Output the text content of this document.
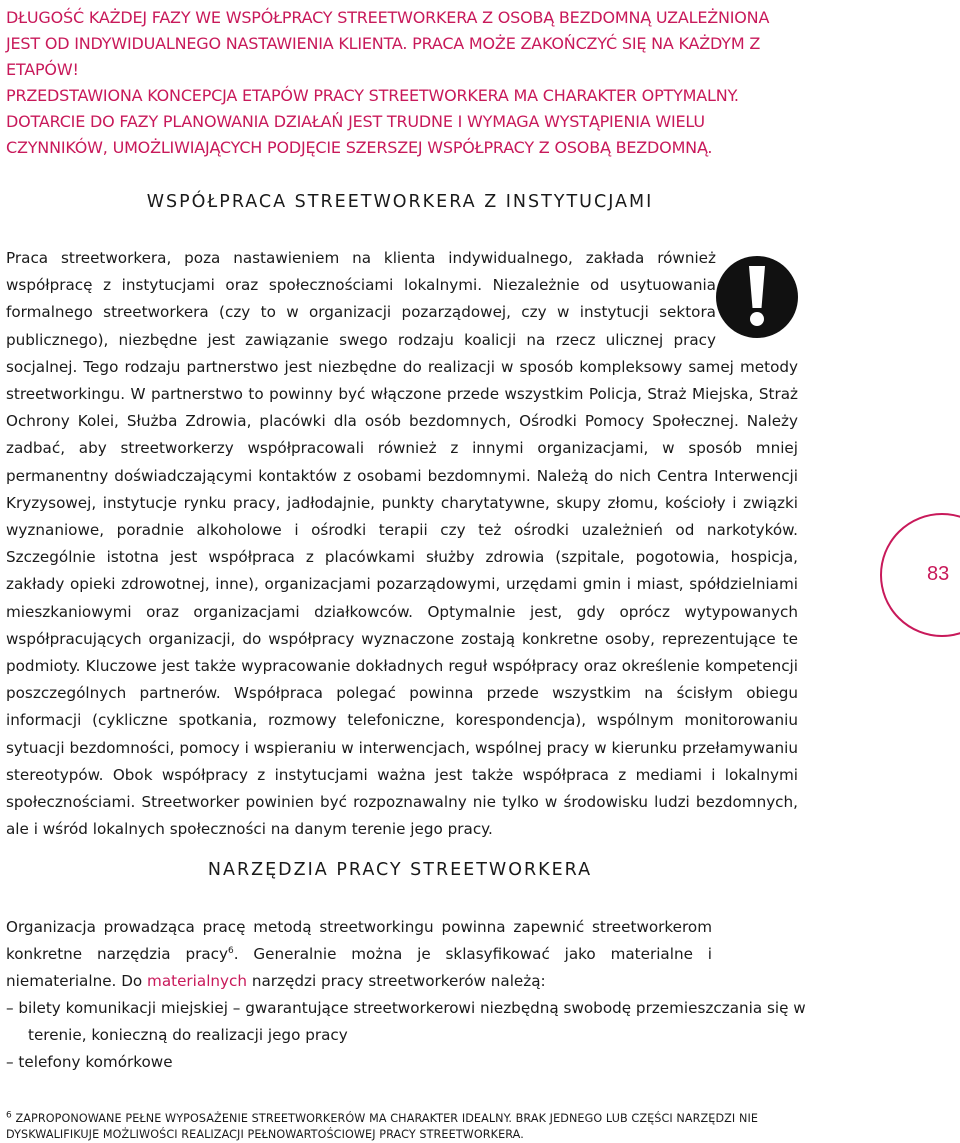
DŁUGOŚĆ KAŻDEJ FAZY WE WSPÓŁPRACY STREETWORKERA Z OSOBĄ BEZDOMNĄ UZALEŻNIONA JEST OD INDYWIDUALNEGO NASTAWIENIA KLIENTA. PRACA MOŻE ZAKOŃCZYĆ SIĘ NA KAŻDYM Z ETAPÓW!

PRZEDSTAWIONA KONCEPCJA ETAPÓW PRACY STREETWORKERA MA CHARAKTER OPTYMALNY. DOTARCIE DO FAZY PLANOWANIA DZIAŁAŃ JEST TRUDNE I WYMAGA WYSTĄPIENIA WIELU CZYNNIKÓW, UMOŻLIWIAJĄCYCH PODJĘCIE SZERSZEJ WSPÓŁPRACY Z OSOBĄ BEZDOMNĄ.

WSPÓŁPRACA STREETWORKERA Z INSTYTUCJAMI

Praca streetworkera, poza nastawieniem na klienta indywidualnego, zakłada również współpracę z instytucjami oraz społecznościami lokalnymi. Niezależnie od usytuowania formalnego streetworkera (czy to w organizacji pozarządowej, czy w instytucji sektora publicznego), niezbędne jest zawiązanie swego rodzaju koalicji na rzecz ulicznej pracy socjalnej. Tego rodzaju partnerstwo jest niezbędne do realizacji w sposób kompleksowy samej metody streetworkingu. W partnerstwo to powinny być włączone przede wszystkim Policja, Straż Miejska, Straż Ochrony Kolei, Służba Zdrowia, placówki dla osób bezdomnych, Ośrodki Pomocy Społecznej. Należy zadbać, aby streetworkerzy współpracowali również z innymi organizacjami, w sposób mniej permanentny doświadczającymi kontaktów z osobami bezdomnymi. Należą do nich Centra Interwencji Kryzysowej, instytucje rynku pracy, jadłodajnie, punkty charytatywne, skupy złomu, kościoły i związki wyznaniowe, poradnie alkoholowe i ośrodki terapii czy też ośrodki uzależnień od narkotyków. Szczególnie istotna jest współpraca z placówkami służby zdrowia (szpitale, pogotowia, hospicja, zakłady opieki zdrowotnej, inne), organizacjami pozarządowymi, urzędami gmin i miast, spółdzielniami mieszkaniowymi oraz organizacjami działkowców. Optymalnie jest, gdy oprócz wytypowanych współpracujących organizacji, do współpracy wyznaczone zostają konkretne osoby, reprezentujące te podmioty. Kluczowe jest także wypracowanie dokładnych reguł współpracy oraz określenie kompetencji poszczególnych partnerów. Współpraca polegać powinna przede wszystkim na ścisłym obiegu informacji (cykliczne spotkania, rozmowy telefoniczne, korespondencja), wspólnym monitorowaniu sytuacji bezdomności, pomocy i wspieraniu w interwencjach, wspólnej pracy w kierunku przełamywaniu stereotypów. Obok współpracy z instytucjami ważna jest także współpraca z mediami i lokalnymi społecznościami. Streetworker powinien być rozpoznawalny nie tylko w środowisku ludzi bezdomnych, ale i wśród lokalnych społeczności na danym terenie jego pracy.

83
NARZĘDZIA PRACY STREETWORKERA

Organizacja prowadząca pracę metodą streetworkingu powinna zapewnić streetworkerom konkretne narzędzia pracy$^6$. Generalnie można je sklasyfikować jako materialne i niematerialne. Do materialnych narzędzi pracy streetworkerów należą:

– bilety komunikacji miejskiej – gwarantujące streetworkerowi niezbędną swobodę przemieszczania się w terenie, konieczną do realizacji jego pracy
– telefony komórkowe
$^6$ ZAPROPONOWANE PEŁNE WYPOSAŻENIE STREETWORKERÓW MA CHARAKTER IDEALNY. BRAK JEDNEGO LUB CZĘŚCI NARZĘDZI NIE DYSKWALIFIKUJE MOŻLIWOŚCI REALIZACJI PEŁNOWARTOŚCIOWEJ PRACY STREETWORKERA.
